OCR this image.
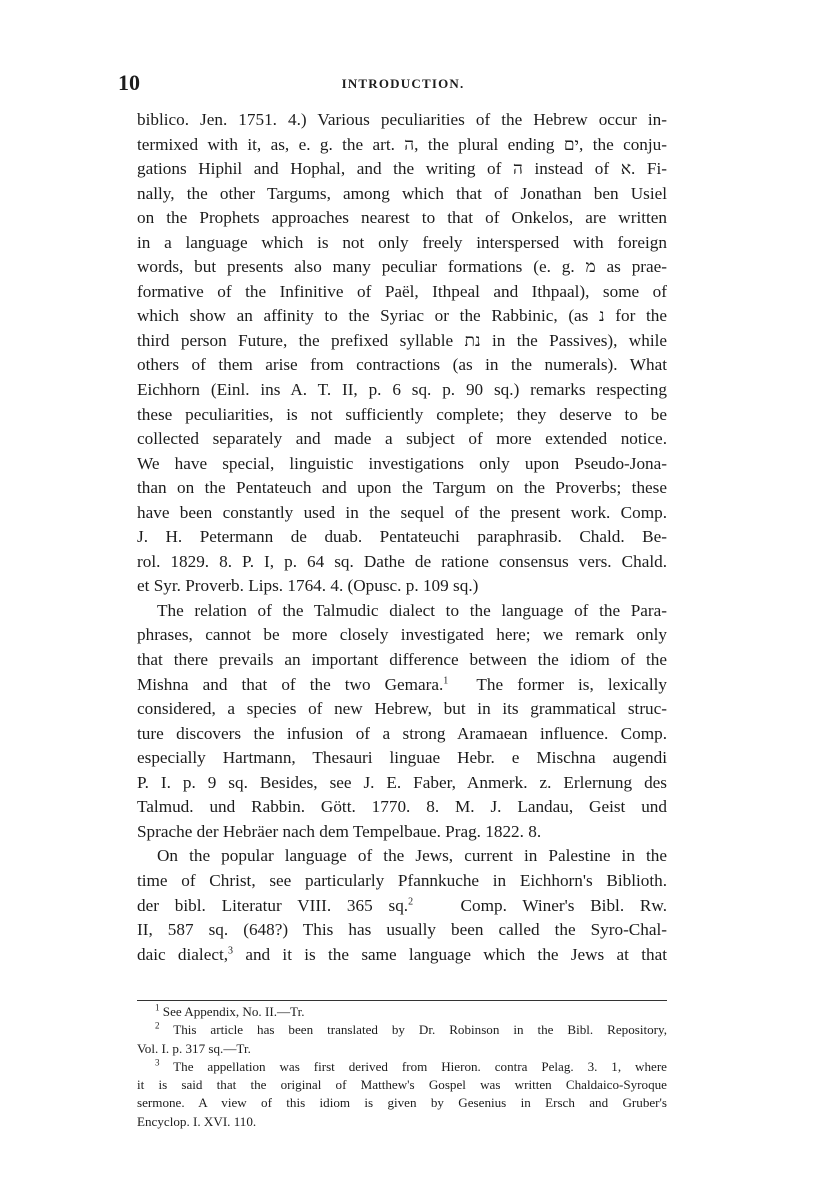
10	INTRODUCTION.
biblico. Jen. 1751. 4.) Various peculiarities of the Hebrew occur in-
termixed with it, as, e. g. the art. ה, the plural ending ים, the conju-
gations Hiphil and Hophal, and the writing of ה instead of א. Fi-
nally, the other Targums, among which that of Jonathan ben Usiel
on the Prophets approaches nearest to that of Onkelos, are written
in a language which is not only freely interspersed with foreign
words, but presents also many peculiar formations (e. g. מ as prae-
formative of the Infinitive of Paël, Ithpeal and Ithpaal), some of
which show an affinity to the Syriac or the Rabbinic, (as נ for the
third person Future, the prefixed syllable נת in the Passives), while
others of them arise from contractions (as in the numerals). What
Eichhorn (Einl. ins A. T. II, p. 6 sq. p. 90 sq.) remarks respecting
these peculiarities, is not sufficiently complete; they deserve to be
collected separately and made a subject of more extended notice.
We have special, linguistic investigations only upon Pseudo-Jona-
than on the Pentateuch and upon the Targum on the Proverbs; these
have been constantly used in the sequel of the present work. Comp.
J. H. Petermann de duab. Pentateuchi paraphrasib. Chald. Be-
rol. 1829. 8. P. I, p. 64 sq. Dathe de ratione consensus vers. Chald.
et Syr. Proverb. Lips. 1764. 4. (Opusc. p. 109 sq.)
The relation of the Talmudic dialect to the language of the Para-
phrases, cannot be more closely investigated here; we remark only
that there prevails an important difference between the idiom of the
Mishna and that of the two Gemara.$^1$ The former is, lexically
considered, a species of new Hebrew, but in its grammatical struc-
ture discovers the infusion of a strong Aramaean influence. Comp.
especially Hartmann, Thesauri linguae Hebr. e Mischna augendi
P. I. p. 9 sq. Besides, see J. E. Faber, Anmerk. z. Erlernung des
Talmud. und Rabbin. Gött. 1770. 8. M. J. Landau, Geist und
Sprache der Hebräer nach dem Tempelbaue. Prag. 1822. 8.
On the popular language of the Jews, current in Palestine in the
time of Christ, see particularly Pfannkuche in Eichhorn's Biblioth.
der bibl. Literatur VIII. 365 sq.$^2$	Comp. Winer's Bibl. Rw.
II, 587 sq. (648?) This has usually been called the Syro-Chal-
daic dialect,$^3$ and it is the same language which the Jews at that
$^1$ See Appendix, No. II.—Tr.
$^2$ This article has been translated by Dr. Robinson in the Bibl. Repository,
Vol. I. p. 317 sq.—Tr.
$^3$ The appellation was first derived from Hieron. contra Pelag. 3. 1, where
it is said that the original of Matthew's Gospel was written Chaldaico-Syroque
sermone. A view of this idiom is given by Gesenius in Ersch and Gruber's
Encyclop. I. XVI. 110.
